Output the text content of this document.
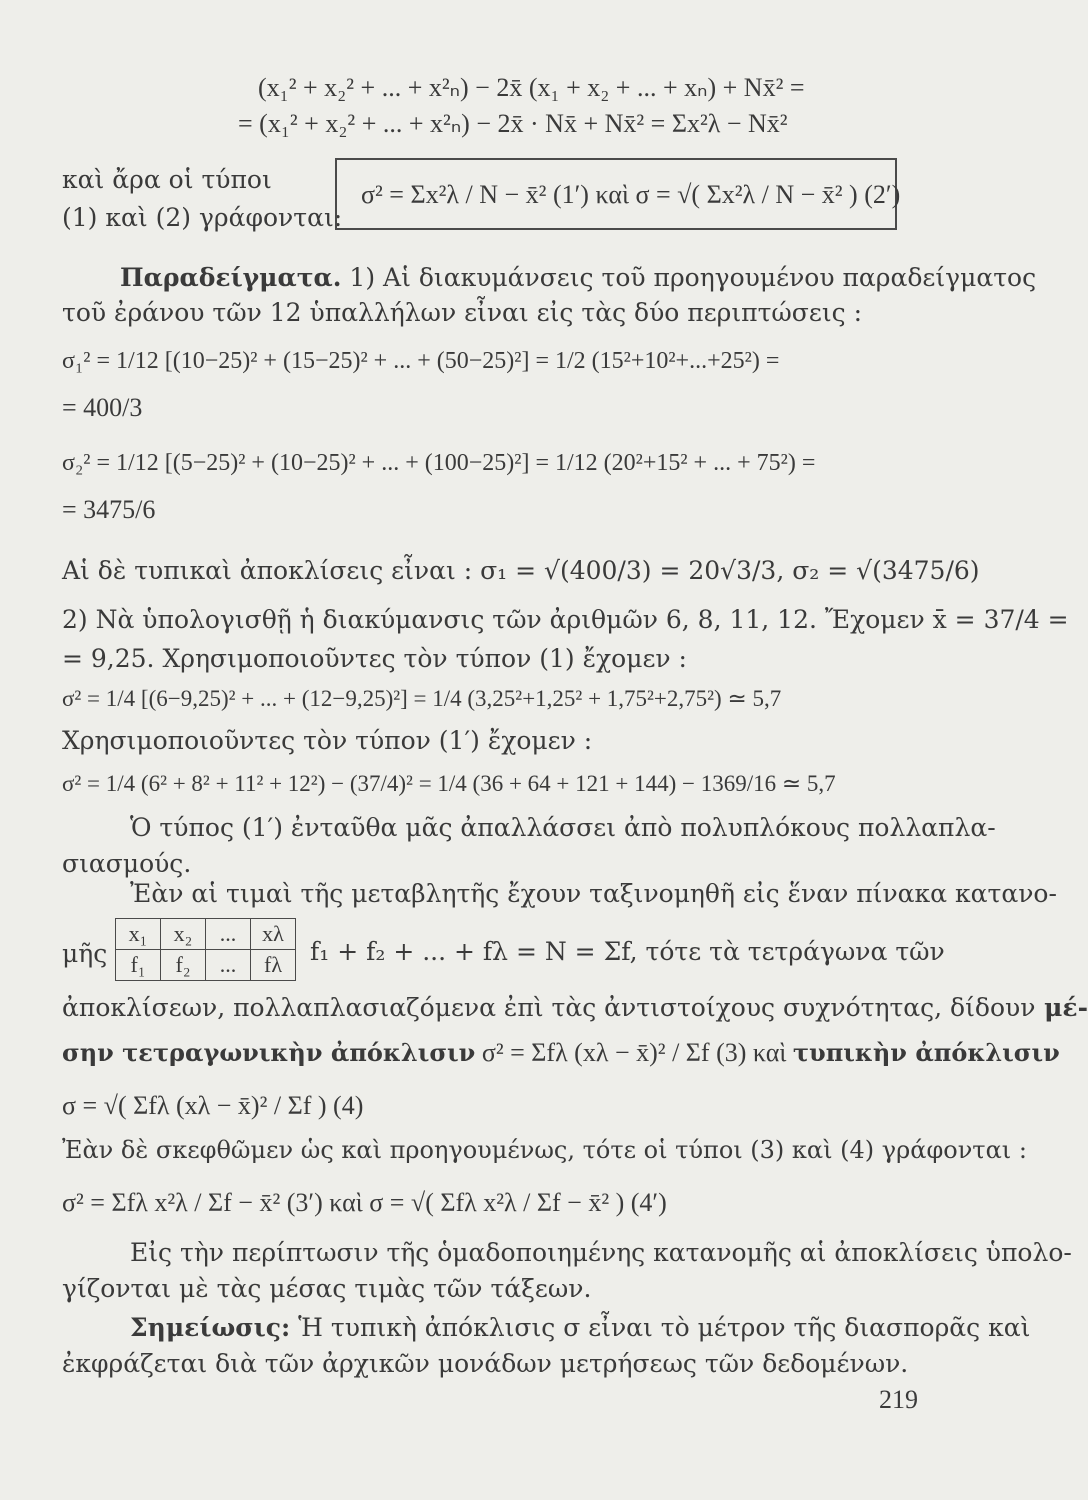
(x₁² + x₂² + ... + x²ₙ) − 2x̄ (x₁ + x₂ + ... + xₙ) + Nx̄² =
= (x₁² + x₂² + ... + x²ₙ) − 2x̄ · Nx̄ + Nx̄² = Σx²λ − Nx̄²
καὶ ἄρα οἱ τύποι
(1) καὶ (2) γράφονται:
σ² = Σx²λ / N − x̄² (1′) καὶ σ = √( Σx²λ / N − x̄² ) (2′)
Παραδείγματα. 1) Αἱ διακυμάνσεις τοῦ προηγουμένου παραδείγματος
τοῦ ἐράνου τῶν 12 ὑπαλλήλων εἶναι εἰς τὰς δύο περιπτώσεις :
σ₁² = 1/12 [(10−25)² + (15−25)² + ... + (50−25)²] = 1/2 (15²+10²+...+25²) =
= 400/3
σ₂² = 1/12 [(5−25)² + (10−25)² + ... + (100−25)²] = 1/12 (20²+15² + ... + 75²) =
= 3475/6
Αἱ δὲ τυπικαὶ ἀποκλίσεις εἶναι : σ₁ = √(400/3) = 20√3/3, σ₂ = √(3475/6)
2) Νὰ ὑπολογισθῇ ἡ διακύμανσις τῶν ἀριθμῶν 6, 8, 11, 12. Ἔχομεν x̄ = 37/4 =
= 9,25. Χρησιμοποιοῦντες τὸν τύπον (1) ἔχομεν :
σ² = 1/4 [(6−9,25)² + ... + (12−9,25)²] = 1/4 (3,25²+1,25² + 1,75²+2,75²) ≃ 5,7
Χρησιμοποιοῦντες τὸν τύπον (1′) ἔχομεν :
σ² = 1/4 (6² + 8² + 11² + 12²) − (37/4)² = 1/4 (36 + 64 + 121 + 144) − 1369/16 ≃ 5,7
Ὁ τύπος (1′) ἐνταῦθα μᾶς ἀπαλλάσσει ἀπὸ πολυπλόκους πολλαπλα-
σιασμούς.
Ἐὰν αἱ τιμαὶ τῆς μεταβλητῆς ἔχουν ταξινομηθῆ εἰς ἕναν πίνακα κατανο-
μῆς
x₁	x₂	...	xλ
f₁	f₂	...	fλ f₁ + f₂ + ... + fλ = N = Σf, τότε τὰ τετράγωνα τῶν
ἀποκλίσεων, πολλαπλασιαζόμενα ἐπὶ τὰς ἀντιστοίχους συχνότητας, δίδουν μέ-
σην τετραγωνικὴν ἀπόκλισιν σ² = Σfλ (xλ − x̄)² / Σf (3) καὶ τυπικὴν ἀπόκλισιν
σ = √( Σfλ (xλ − x̄)² / Σf ) (4)
Ἐὰν δὲ σκεφθῶμεν ὡς καὶ προηγουμένως, τότε οἱ τύποι (3) καὶ (4) γράφονται :
σ² = Σfλ x²λ / Σf − x̄² (3′) καὶ σ = √( Σfλ x²λ / Σf − x̄² ) (4′)
Εἰς τὴν περίπτωσιν τῆς ὁμαδοποιημένης κατανομῆς αἱ ἀποκλίσεις ὑπολο-
γίζονται μὲ τὰς μέσας τιμὰς τῶν τάξεων.
Σημείωσις: Ἡ τυπικὴ ἀπόκλισις σ εἶναι τὸ μέτρον τῆς διασπορᾶς καὶ
ἐκφράζεται διὰ τῶν ἀρχικῶν μονάδων μετρήσεως τῶν δεδομένων.
219
